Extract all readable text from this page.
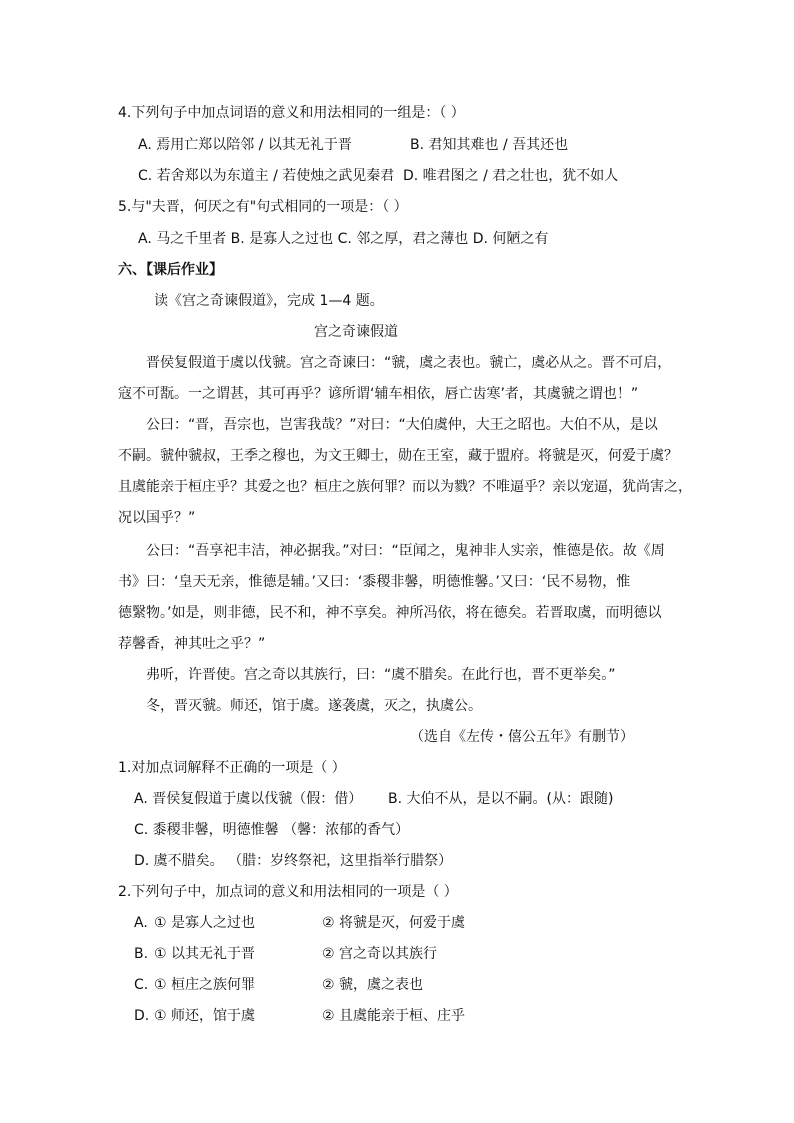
4.下列句子中加点词语的意义和用法相同的一组是：（ ）
A. 焉用亡郑以陪邻 / 以其无礼于晋	B. 君知其难也 / 吾其还也
C. 若舍郑以为东道主 / 若使烛之武见秦君 D. 唯君图之 / 君之壮也，犹不如人
5.与"夫晋，何厌之有"句式相同的一项是：（ ）
A. 马之千里者 B. 是寡人之过也 C. 邻之厚，君之薄也 D. 何陋之有
六、【课后作业】
读《宫之奇谏假道》，完成 1—4 题。
宫之奇谏假道
晋侯复假道于虞以伐虢。宫之奇谏曰：“虢，虞之表也。虢亡，虞必从之。晋不可启，
寇不可翫。一之谓甚，其可再乎？谚所谓‘辅车相依，唇亡齿寒’者，其虞虢之谓也！”
公曰：“晋，吾宗也，岂害我哉？”对曰：“大伯虞仲，大王之昭也。大伯不从，是以
不嗣。虢仲虢叔，王季之穆也，为文王卿士，勋在王室，藏于盟府。将虢是灭，何爱于虞？
且虞能亲于桓庄乎？其爱之也？桓庄之族何罪？而以为戮？不唯逼乎？亲以宠逼，犹尚害之，
况以国乎？”
公曰：“吾享祀丰洁，神必据我。”对曰：“臣闻之，鬼神非人实亲，惟德是依。故《周
书》曰：‘皇天无亲，惟德是辅。’又曰：‘黍稷非馨，明德惟馨。’又曰：‘民不易物，惟
德繄物。’如是，则非德，民不和，神不享矣。神所冯依，将在德矣。若晋取虞，而明德以
荐馨香，神其吐之乎？”
弗听，许晋使。宫之奇以其族行，曰：“虞不腊矣。在此行也，晋不更举矣。”
冬，晋灭虢。师还，馆于虞。遂袭虞，灭之，执虞公。
（选自《左传・僖公五年》有删节）
1.对加点词解释不正确的一项是（ ）
A. 晋侯复假道于虞以伐虢（假：借） B. 大伯不从，是以不嗣。(从：跟随)
C. 黍稷非馨，明德惟馨 （馨：浓郁的香气）
D. 虞不腊矣。 （腊：岁终祭祀，这里指举行腊祭）
2.下列句子中，加点词的意义和用法相同的一项是（ ）
A. ① 是寡人之过也	② 将虢是灭，何爱于虞
B. ① 以其无礼于晋	② 宫之奇以其族行
C. ① 桓庄之族何罪	② 虢，虞之表也
D. ① 师还，馆于虞	② 且虞能亲于桓、庄乎
